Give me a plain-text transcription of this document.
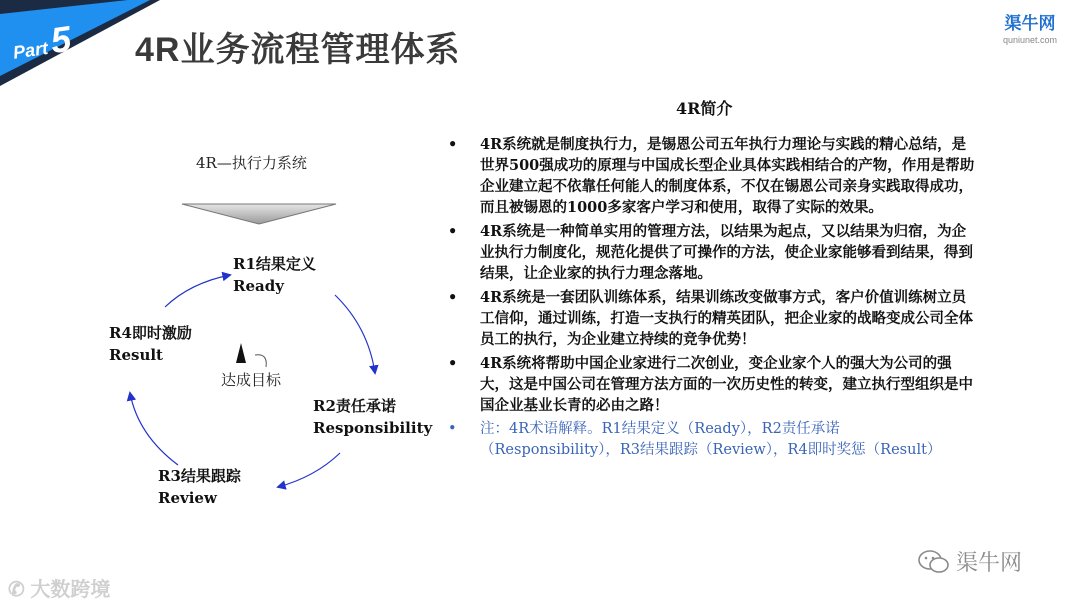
Part5	4R业务流程管理体系
渠牛网
quniunet.com
4R—执行力系统
R1结果定义
Ready
R2责任承诺
Responsibility
R3结果跟踪
Review
R4即时激励
Result
达成目标
4R简介
• 4R系统就是制度执行力，是锡恩公司五年执行力理论与实践的精心总结，是世界500强成功的原理与中国成长型企业具体实践相结合的产物，作用是帮助企业建立起不依靠任何能人的制度体系，不仅在锡恩公司亲身实践取得成功，而且被锡恩的1000多家客户学习和使用，取得了实际的效果。
• 4R系统是一种简单实用的管理方法，以结果为起点，又以结果为归宿，为企业执行力制度化，规范化提供了可操作的方法，使企业家能够看到结果，得到结果，让企业家的执行力理念落地。
• 4R系统是一套团队训练体系，结果训练改变做事方式，客户价值训练树立员工信仰，通过训练，打造一支执行的精英团队，把企业家的战略变成公司全体员工的执行，为企业建立持续的竞争优势！
• 4R系统将帮助中国企业家进行二次创业，变企业家个人的强大为公司的强大，这是中国公司在管理方法方面的一次历史性的转变，建立执行型组织是中国企业基业长青的必由之路！
• 注：4R术语解释。R1结果定义（Ready），R2责任承诺（Responsibility），R3结果跟踪（Review），R4即时奖惩（Result）
✆ 大数跨境
渠牛网
